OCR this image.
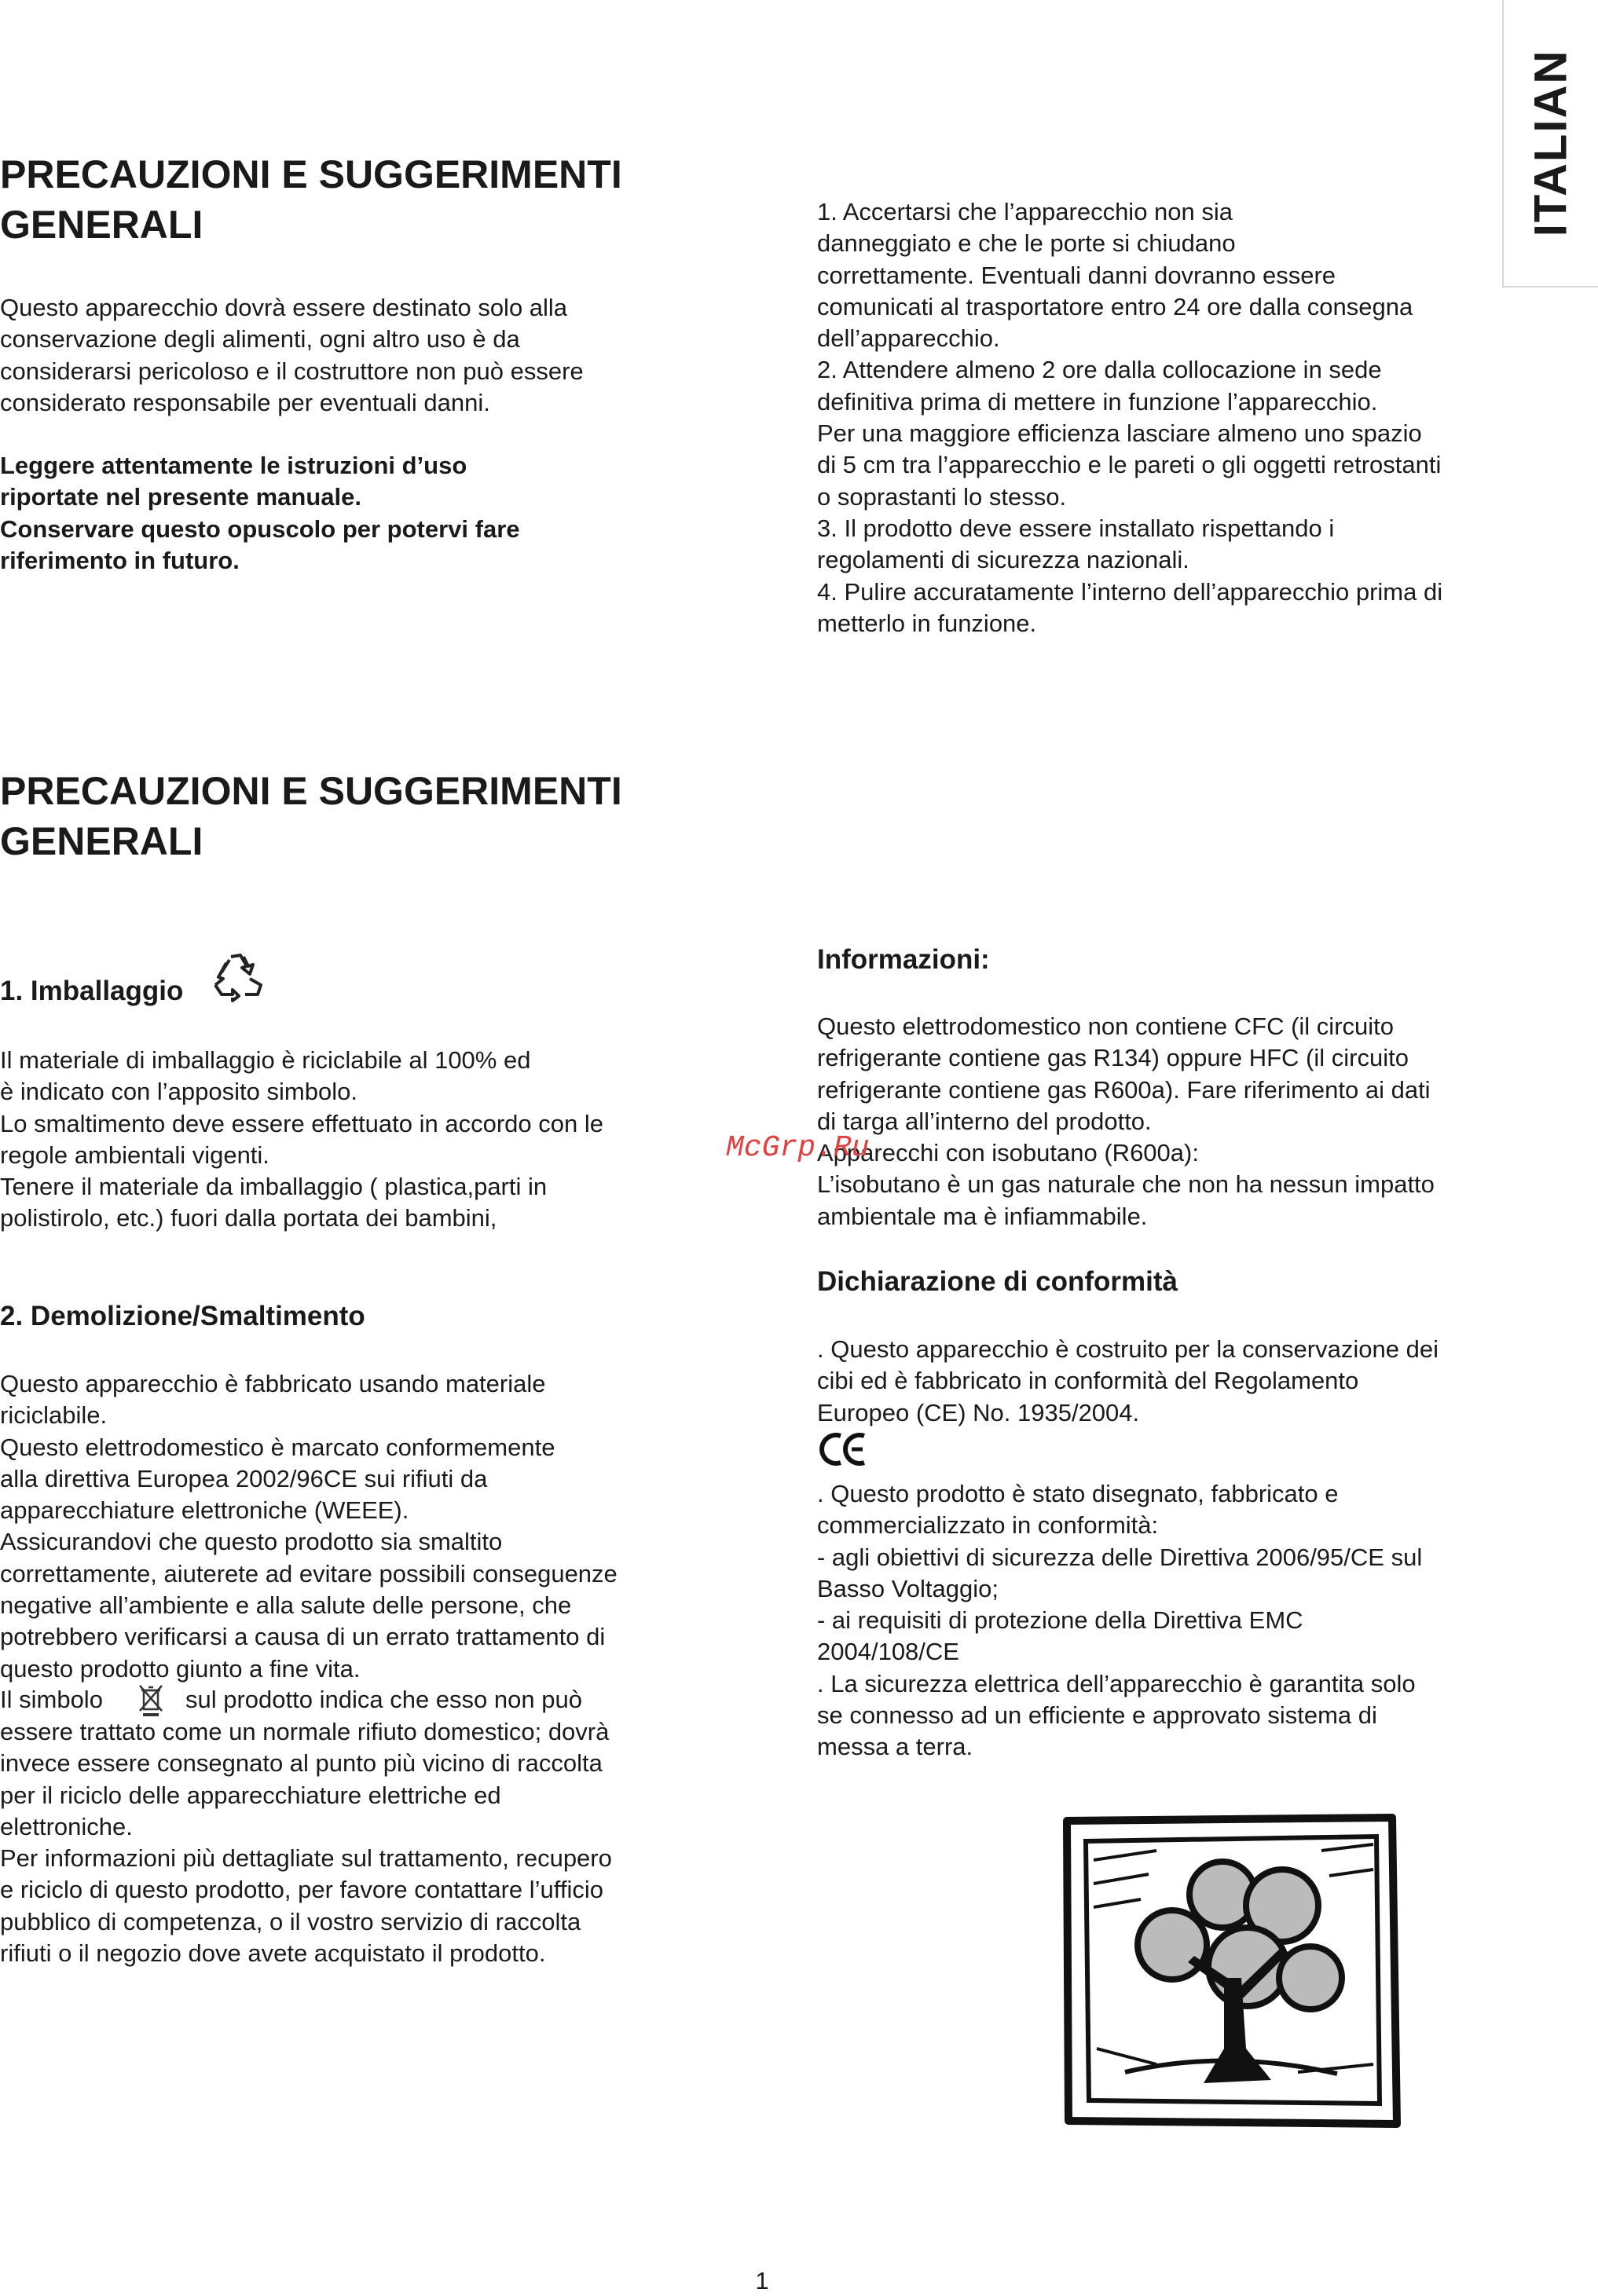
ITALIAN

PRECAUZIONI E SUGGERIMENTI

GENERALI

Questo apparecchio dovrà essere destinato solo alla
conservazione degli alimenti, ogni altro uso è da
considerarsi pericoloso e il costruttore non può essere
considerato responsabile per eventuali danni.

Leggere attentamente le istruzioni d’uso
riportate nel presente manuale.
Conservare questo opuscolo per potervi fare
riferimento in futuro.

1. Accertarsi che l’apparecchio non sia
danneggiato e che le porte si chiudano
correttamente. Eventuali danni dovranno essere
comunicati al trasportatore entro 24 ore dalla consegna
dell’apparecchio.
2. Attendere almeno 2 ore dalla collocazione in sede
definitiva prima di mettere in funzione l’apparecchio.
Per una maggiore efficienza lasciare almeno uno spazio
di 5 cm tra l’apparecchio e le pareti o gli oggetti retrostanti
o soprastanti lo stesso.
3. Il prodotto deve essere installato rispettando i
regolamenti di sicurezza nazionali.
4. Pulire accuratamente l’interno dell’apparecchio prima di
metterlo in funzione.

PRECAUZIONI E SUGGERIMENTI

GENERALI

1. Imballaggio

Il materiale di imballaggio è riciclabile al 100% ed
è indicato con l’apposito simbolo.
Lo smaltimento deve essere effettuato in accordo con le
regole ambientali vigenti.
Tenere il materiale da imballaggio ( plastica,parti in
polistirolo, etc.) fuori dalla portata dei bambini,

2. Demolizione/Smaltimento

Questo apparecchio è fabbricato usando materiale
riciclabile.
Questo elettrodomestico è marcato conformemente
alla direttiva Europea 2002/96CE sui rifiuti da
apparecchiature elettroniche (WEEE).
Assicurandovi che questo prodotto sia smaltito
correttamente, aiuterete ad evitare possibili conseguenze
negative all’ambiente e alla salute delle persone, che
potrebbero verificarsi a causa di un errato trattamento di
questo prodotto giunto a fine vita.

Il simbolo	sul prodotto indica che esso non può

essere trattato come un normale rifiuto domestico; dovrà
invece essere consegnato al punto più vicino di raccolta
per il riciclo delle apparecchiature elettriche ed
elettroniche.
Per informazioni più dettagliate sul trattamento, recupero
e riciclo di questo prodotto, per favore contattare l’ufficio
pubblico di competenza, o il vostro servizio di raccolta
rifiuti o il negozio dove avete acquistato il prodotto.

Informazioni:

Questo elettrodomestico non contiene CFC (il circuito
refrigerante contiene gas R134) oppure HFC (il circuito
refrigerante contiene gas R600a). Fare riferimento ai dati
di targa all’interno del prodotto.
Apparecchi con isobutano (R600a):
L’isobutano è un gas naturale che non ha nessun impatto
ambientale ma è infiammabile.

McGrp.Ru

Dichiarazione di conformità

. Questo apparecchio è costruito per la conservazione dei
cibi ed è fabbricato in conformità del Regolamento
Europeo (CE) No. 1935/2004.

. Questo prodotto è stato disegnato, fabbricato e
commercializzato in conformità:
- agli obiettivi di sicurezza delle Direttiva 2006/95/CE sul
Basso Voltaggio;
- ai requisiti di protezione della Direttiva EMC
2004/108/CE
. La sicurezza elettrica dell’apparecchio è garantita solo
se connesso ad un efficiente e approvato sistema di
messa a terra.

1
